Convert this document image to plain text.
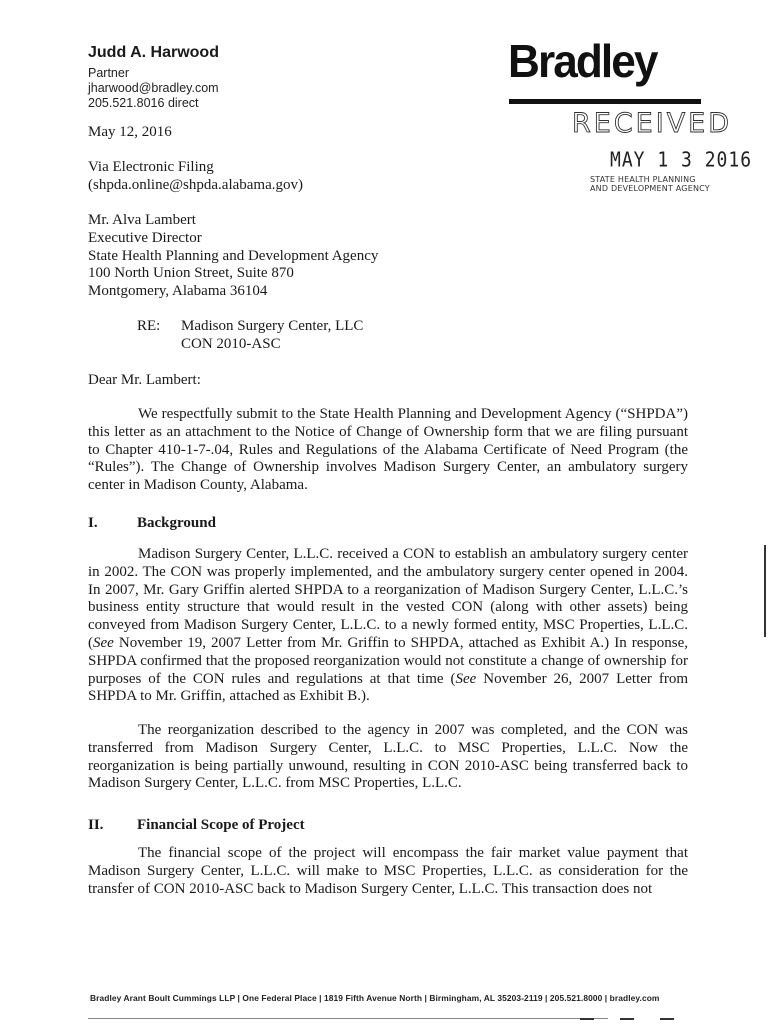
Judd A. Harwood
Partner
jharwood@bradley.com
205.521.8016 direct
Bradley
RECEIVED
MAY 1 3 2016
STATE HEALTH PLANNING
AND DEVELOPMENT AGENCY
May 12, 2016
Via Electronic Filing
(shpda.online@shpda.alabama.gov)
Mr. Alva Lambert
Executive Director
State Health Planning and Development Agency
100 North Union Street, Suite 870
Montgomery, Alabama 36104
RE: Madison Surgery Center, LLC
CON 2010-ASC
Dear Mr. Lambert:
We respectfully submit to the State Health Planning and Development Agency (“SHPDA”) this letter as an attachment to the Notice of Change of Ownership form that we are filing pursuant to Chapter 410-1-7-.04, Rules and Regulations of the Alabama Certificate of Need Program (the “Rules”). The Change of Ownership involves Madison Surgery Center, an ambulatory surgery center in Madison County, Alabama.
I.	Background
Madison Surgery Center, L.L.C. received a CON to establish an ambulatory surgery center in 2002. The CON was properly implemented, and the ambulatory surgery center opened in 2004. In 2007, Mr. Gary Griffin alerted SHPDA to a reorganization of Madison Surgery Center, L.L.C.’s business entity structure that would result in the vested CON (along with other assets) being conveyed from Madison Surgery Center, L.L.C. to a newly formed entity, MSC Properties, L.L.C. (See November 19, 2007 Letter from Mr. Griffin to SHPDA, attached as Exhibit A.) In response, SHPDA confirmed that the proposed reorganization would not constitute a change of ownership for purposes of the CON rules and regulations at that time (See November 26, 2007 Letter from SHPDA to Mr. Griffin, attached as Exhibit B.).
The reorganization described to the agency in 2007 was completed, and the CON was transferred from Madison Surgery Center, L.L.C. to MSC Properties, L.L.C. Now the reorganization is being partially unwound, resulting in CON 2010-ASC being transferred back to Madison Surgery Center, L.L.C. from MSC Properties, L.L.C.
II. Financial Scope of Project
The financial scope of the project will encompass the fair market value payment that Madison Surgery Center, L.L.C. will make to MSC Properties, L.L.C. as consideration for the transfer of CON 2010-ASC back to Madison Surgery Center, L.L.C. This transaction does not
Bradley Arant Boult Cummings LLP | One Federal Place | 1819 Fifth Avenue North | Birmingham, AL 35203-2119 | 205.521.8000 | bradley.com
